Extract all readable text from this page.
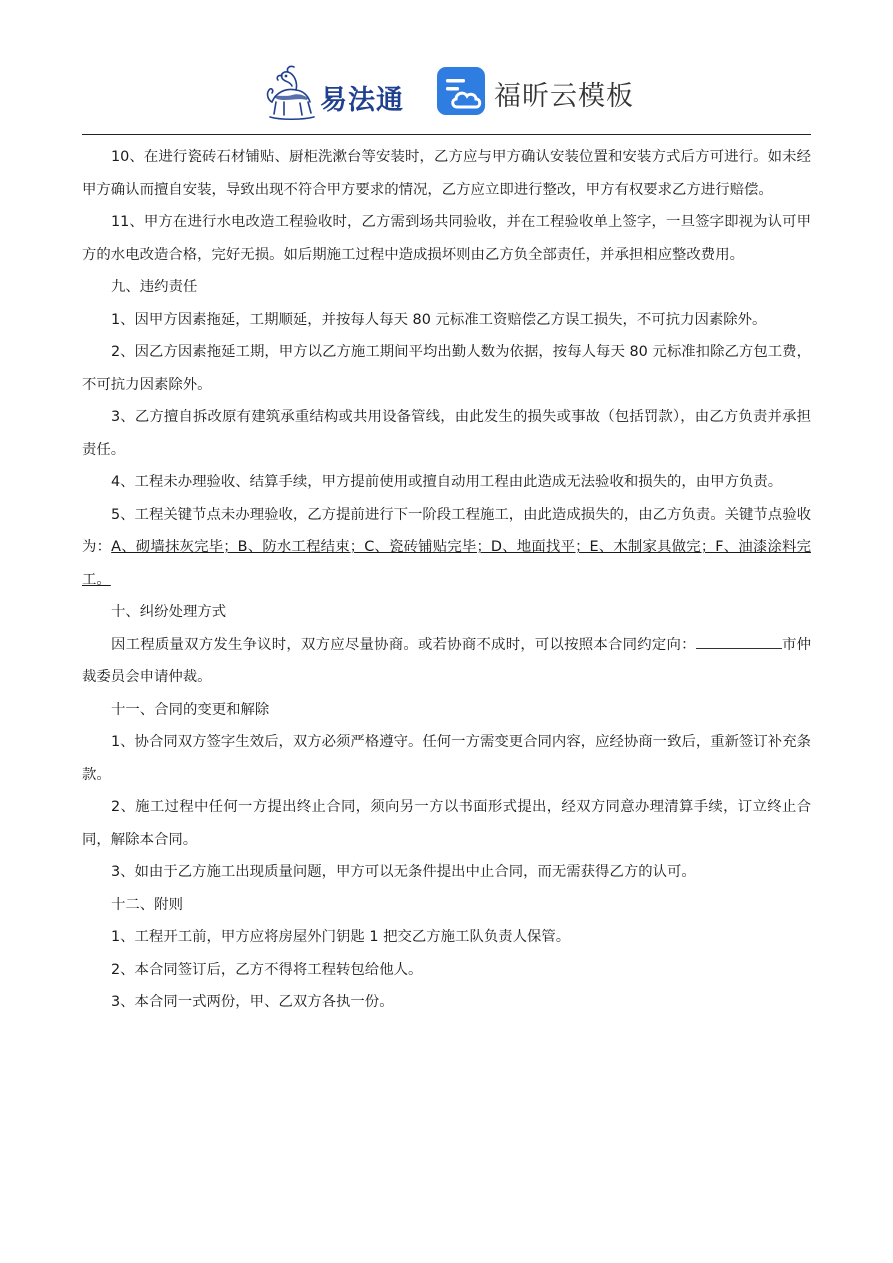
易法通	福昕云模板

10、在进行瓷砖石材铺贴、厨柜洗漱台等安装时，乙方应与甲方确认安装位置和安装方式后方可进行。如未经甲方确认而擅自安装，导致出现不符合甲方要求的情况，乙方应立即进行整改，甲方有权要求乙方进行赔偿。

11、甲方在进行水电改造工程验收时，乙方需到场共同验收，并在工程验收单上签字，一旦签字即视为认可甲方的水电改造合格，完好无损。如后期施工过程中造成损坏则由乙方负全部责任，并承担相应整改费用。

九、违约责任

1、因甲方因素拖延，工期顺延，并按每人每天 80 元标准工资赔偿乙方误工损失，不可抗力因素除外。

2、因乙方因素拖延工期，甲方以乙方施工期间平均出勤人数为依据，按每人每天 80 元标准扣除乙方包工费，不可抗力因素除外。

3、乙方擅自拆改原有建筑承重结构或共用设备管线，由此发生的损失或事故（包括罚款），由乙方负责并承担责任。

4、工程未办理验收、结算手续，甲方提前使用或擅自动用工程由此造成无法验收和损失的，由甲方负责。

5、工程关键节点未办理验收，乙方提前进行下一阶段工程施工，由此造成损失的，由乙方负责。关键节点验收为：A、砌墙抹灰完毕；B、防水工程结束；C、瓷砖铺贴完毕；D、地面找平；E、木制家具做完；F、油漆涂料完工。

十、纠纷处理方式

因工程质量双方发生争议时，双方应尽量协商。或若协商不成时，可以按照本合同约定向：	市仲裁委员会申请仲裁。

十一、合同的变更和解除

1、协合同双方签字生效后，双方必须严格遵守。任何一方需变更合同内容，应经协商一致后，重新签订补充条款。

2、施工过程中任何一方提出终止合同，须向另一方以书面形式提出，经双方同意办理清算手续，订立终止合同，解除本合同。

3、如由于乙方施工出现质量问题，甲方可以无条件提出中止合同，而无需获得乙方的认可。

十二、附则

1、工程开工前，甲方应将房屋外门钥匙 1 把交乙方施工队负责人保管。

2、本合同签订后，乙方不得将工程转包给他人。

3、本合同一式两份，甲、乙双方各执一份。
